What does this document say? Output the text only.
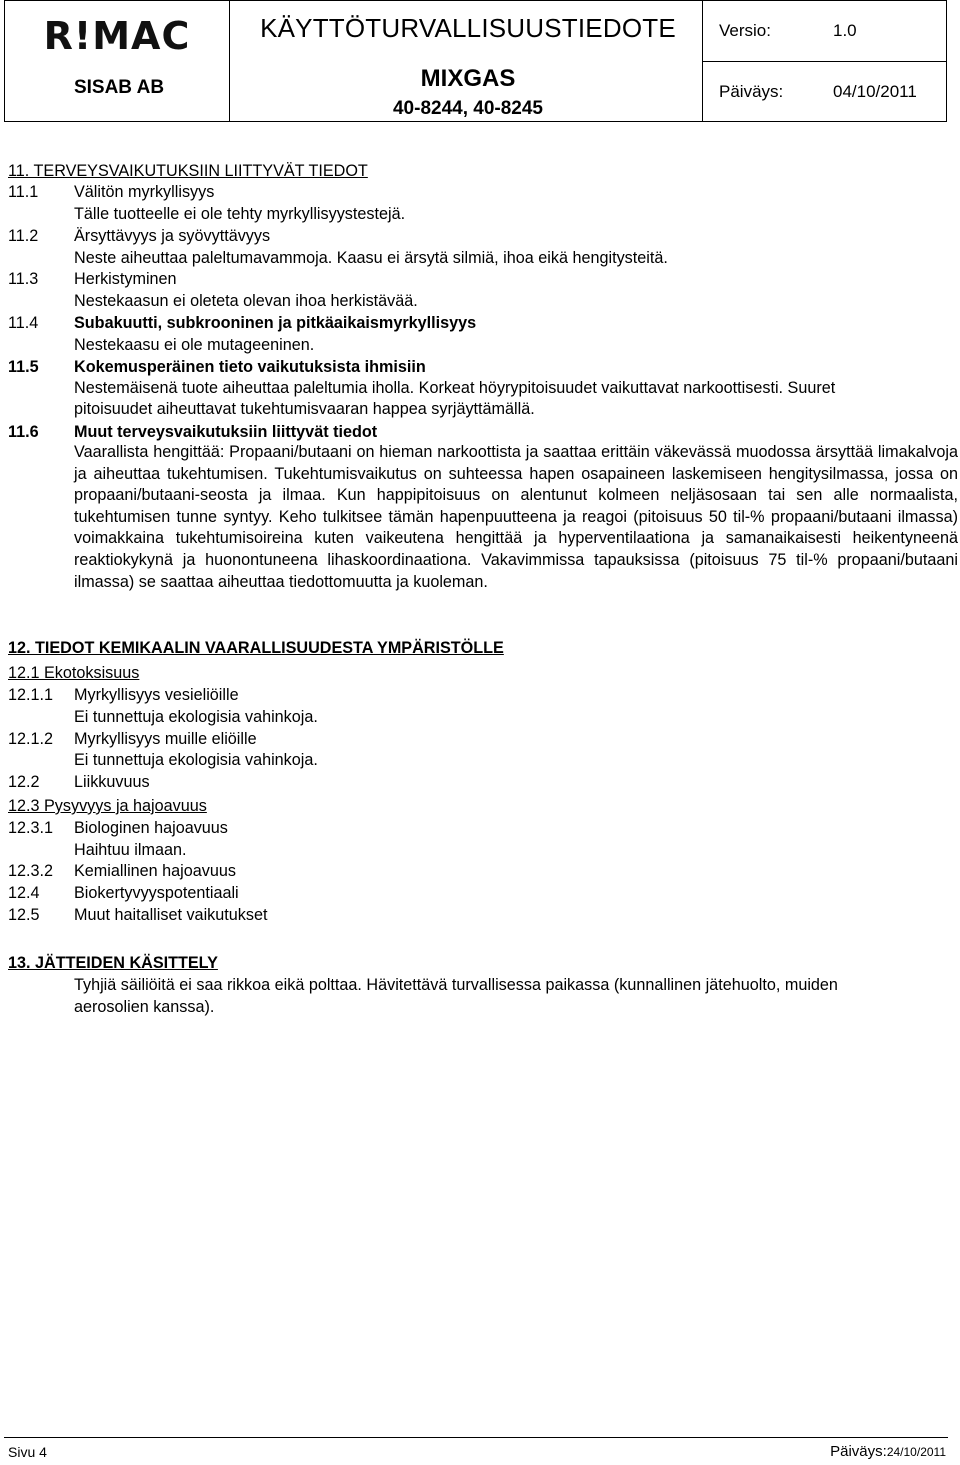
R!MAC
SISAB AB
KÄYTTÖTURVALLISUUSTIEDOTE
MIXGAS
40-8244, 40-8245
Versio:	1.0
Päiväys:	04/10/2011
11. TERVEYSVAIKUTUKSIIN LIITTYVÄT TIEDOT
11.1 Välitön myrkyllisyys
Tälle tuotteelle ei ole tehty myrkyllisyystestejä.
11.2 Ärsyttävyys ja syövyttävyys
Neste aiheuttaa paleltumavammoja. Kaasu ei ärsytä silmiä, ihoa eikä hengitysteitä.
11.3 Herkistyminen
Nestekaasun ei oleteta olevan ihoa herkistävää.
11.4 Subakuutti, subkrooninen ja pitkäaikaismyrkyllisyys
Nestekaasu ei ole mutageeninen.
11.5 Kokemusperäinen tieto vaikutuksista ihmisiin
Nestemäisenä tuote aiheuttaa paleltumia iholla. Korkeat höyrypitoisuudet vaikuttavat narkoottisesti. Suuret
pitoisuudet aiheuttavat tukehtumisvaaran happea syrjäyttämällä.
11.6 Muut terveysvaikutuksiin liittyvät tiedot
Vaarallista hengittää: Propaani/butaani on hieman narkoottista ja saattaa erittäin väkevässä muodossa ärsyttää limakalvoja ja aiheuttaa tukehtumisen. Tukehtumisvaikutus on suhteessa hapen osapaineen laskemiseen hengitysilmassa, jossa on propaani/butaani-seosta ja ilmaa. Kun happipitoisuus on alentunut kolmeen neljäsosaan tai sen alle normaalista, tukehtumisen tunne syntyy. Keho tulkitsee tämän hapenpuutteena ja reagoi (pitoisuus 50 til-% propaani/butaani ilmassa) voimakkaina tukehtumisoireina kuten vaikeutena hengittää ja hyperventilaationa ja samanaikaisesti heikentyneenä reaktiokykynä ja huonontuneena lihaskoordinaationa. Vakavimmissa tapauksissa (pitoisuus 75 til-% propaani/butaani ilmassa) se saattaa aiheuttaa tiedottomuutta ja kuoleman.
12. TIEDOT KEMIKAALIN VAARALLISUUDESTA YMPÄRISTÖLLE
12.1 Ekotoksisuus
12.1.1 Myrkyllisyys vesieliöille
Ei tunnettuja ekologisia vahinkoja.
12.1.2 Myrkyllisyys muille eliöille
Ei tunnettuja ekologisia vahinkoja.
12.2 Liikkuvuus
12.3 Pysyvyys ja hajoavuus
12.3.1 Biologinen hajoavuus
Haihtuu ilmaan.
12.3.2 Kemiallinen hajoavuus
12.4 Biokertyvyyspotentiaali
12.5 Muut haitalliset vaikutukset
13. JÄTTEIDEN KÄSITTELY
Tyhjiä säiliöitä ei saa rikkoa eikä polttaa. Hävitettävä turvallisessa paikassa (kunnallinen jätehuolto, muiden
aerosolien kanssa).
Sivu 4	Päiväys:24/10/2011
